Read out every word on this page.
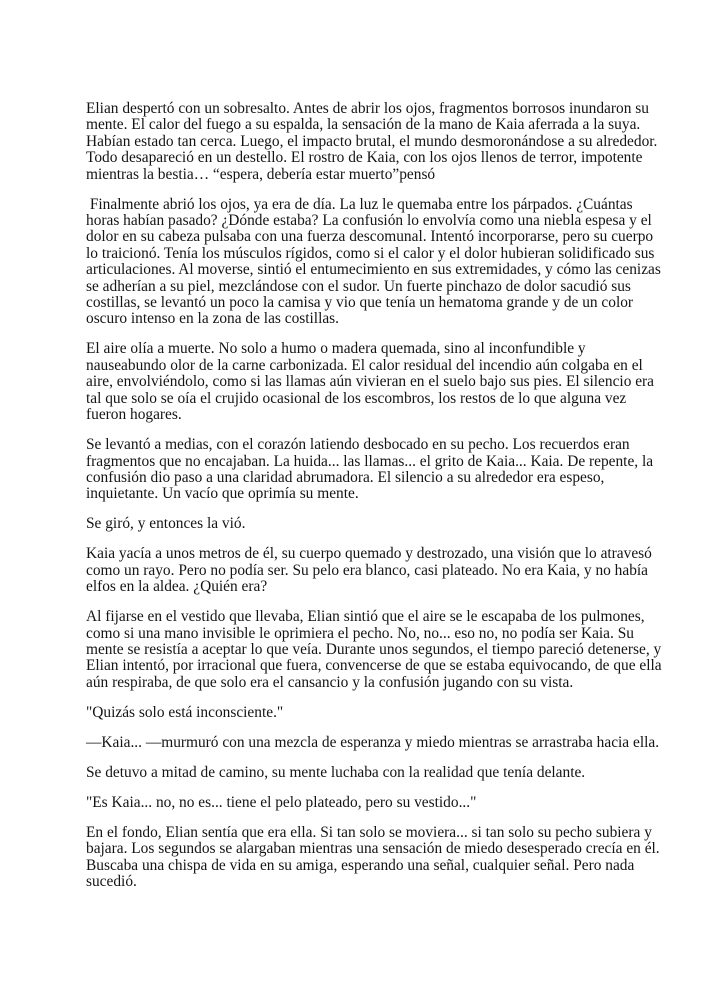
Elian despertó con un sobresalto. Antes de abrir los ojos, fragmentos borrosos inundaron su
mente. El calor del fuego a su espalda, la sensación de la mano de Kaia aferrada a la suya.
Habían estado tan cerca. Luego, el impacto brutal, el mundo desmoronándose a su alrededor.
Todo desapareció en un destello. El rostro de Kaia, con los ojos llenos de terror, impotente
mientras la bestia… “espera, debería estar muerto”pensó

Finalmente abrió los ojos, ya era de día. La luz le quemaba entre los párpados. ¿Cuántas
horas habían pasado? ¿Dónde estaba? La confusión lo envolvía como una niebla espesa y el
dolor en su cabeza pulsaba con una fuerza descomunal. Intentó incorporarse, pero su cuerpo
lo traicionó. Tenía los músculos rígidos, como si el calor y el dolor hubieran solidificado sus
articulaciones. Al moverse, sintió el entumecimiento en sus extremidades, y cómo las cenizas
se adherían a su piel, mezclándose con el sudor. Un fuerte pinchazo de dolor sacudió sus
costillas, se levantó un poco la camisa y vio que tenía un hematoma grande y de un color
oscuro intenso en la zona de las costillas.

El aire olía a muerte. No solo a humo o madera quemada, sino al inconfundible y
nauseabundo olor de la carne carbonizada. El calor residual del incendio aún colgaba en el
aire, envolviéndolo, como si las llamas aún vivieran en el suelo bajo sus pies. El silencio era
tal que solo se oía el crujido ocasional de los escombros, los restos de lo que alguna vez
fueron hogares.

Se levantó a medias, con el corazón latiendo desbocado en su pecho. Los recuerdos eran
fragmentos que no encajaban. La huida... las llamas... el grito de Kaia... Kaia. De repente, la
confusión dio paso a una claridad abrumadora. El silencio a su alrededor era espeso,
inquietante. Un vacío que oprimía su mente.

Se giró, y entonces la vió.

Kaia yacía a unos metros de él, su cuerpo quemado y destrozado, una visión que lo atravesó
como un rayo. Pero no podía ser. Su pelo era blanco, casi plateado. No era Kaia, y no había
elfos en la aldea. ¿Quién era?

Al fijarse en el vestido que llevaba, Elian sintió que el aire se le escapaba de los pulmones,
como si una mano invisible le oprimiera el pecho. No, no... eso no, no podía ser Kaia. Su
mente se resistía a aceptar lo que veía. Durante unos segundos, el tiempo pareció detenerse, y
Elian intentó, por irracional que fuera, convencerse de que se estaba equivocando, de que ella
aún respiraba, de que solo era el cansancio y la confusión jugando con su vista.

"Quizás solo está inconsciente."

—Kaia... —murmuró con una mezcla de esperanza y miedo mientras se arrastraba hacia ella.

Se detuvo a mitad de camino, su mente luchaba con la realidad que tenía delante.

"Es Kaia... no, no es... tiene el pelo plateado, pero su vestido..."

En el fondo, Elian sentía que era ella. Si tan solo se moviera... si tan solo su pecho subiera y
bajara. Los segundos se alargaban mientras una sensación de miedo desesperado crecía en él.
Buscaba una chispa de vida en su amiga, esperando una señal, cualquier señal. Pero nada
sucedió.
